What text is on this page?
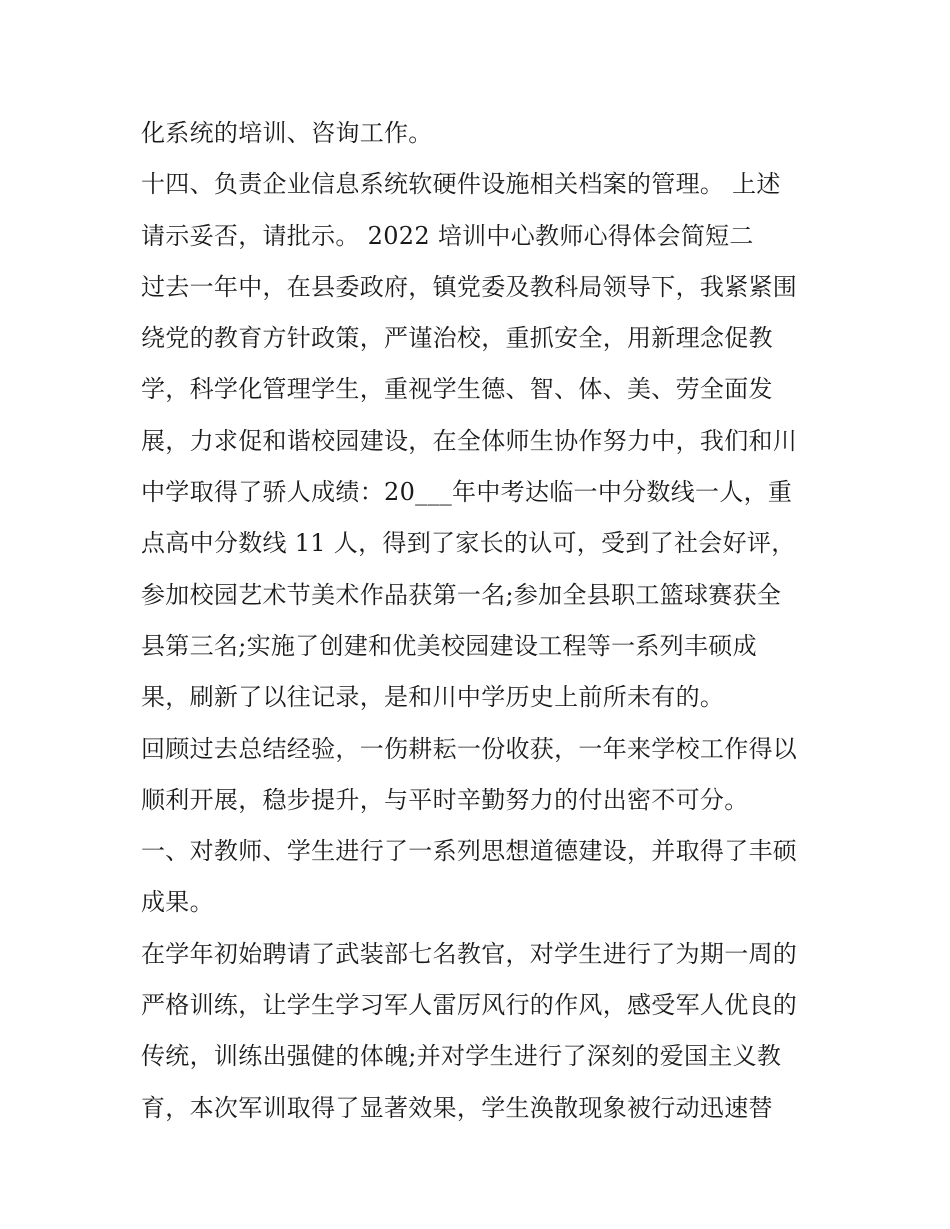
化系统的培训、咨询工作。
十四、负责企业信息系统软硬件设施相关档案的管理。 上述
请示妥否，请批示。 2022 培训中心教师心得体会简短二
过去一年中，在县委政府，镇党委及教科局领导下，我紧紧围
绕党的教育方针政策，严谨治校，重抓安全，用新理念促教
学，科学化管理学生，重视学生德、智、体、美、劳全面发
展，力求促和谐校园建设，在全体师生协作努力中，我们和川
中学取得了骄人成绩：20___年中考达临一中分数线一人，重
点高中分数线 11 人，得到了家长的认可，受到了社会好评，
参加校园艺术节美术作品获第一名;参加全县职工篮球赛获全
县第三名;实施了创建和优美校园建设工程等一系列丰硕成
果，刷新了以往记录，是和川中学历史上前所未有的。
回顾过去总结经验，一伤耕耘一份收获，一年来学校工作得以
顺利开展，稳步提升，与平时辛勤努力的付出密不可分。
一、对教师、学生进行了一系列思想道德建设，并取得了丰硕
成果。
在学年初始聘请了武装部七名教官，对学生进行了为期一周的
严格训练，让学生学习军人雷厉风行的作风，感受军人优良的
传统，训练出强健的体魄;并对学生进行了深刻的爱国主义教
育，本次军训取得了显著效果，学生涣散现象被行动迅速替
